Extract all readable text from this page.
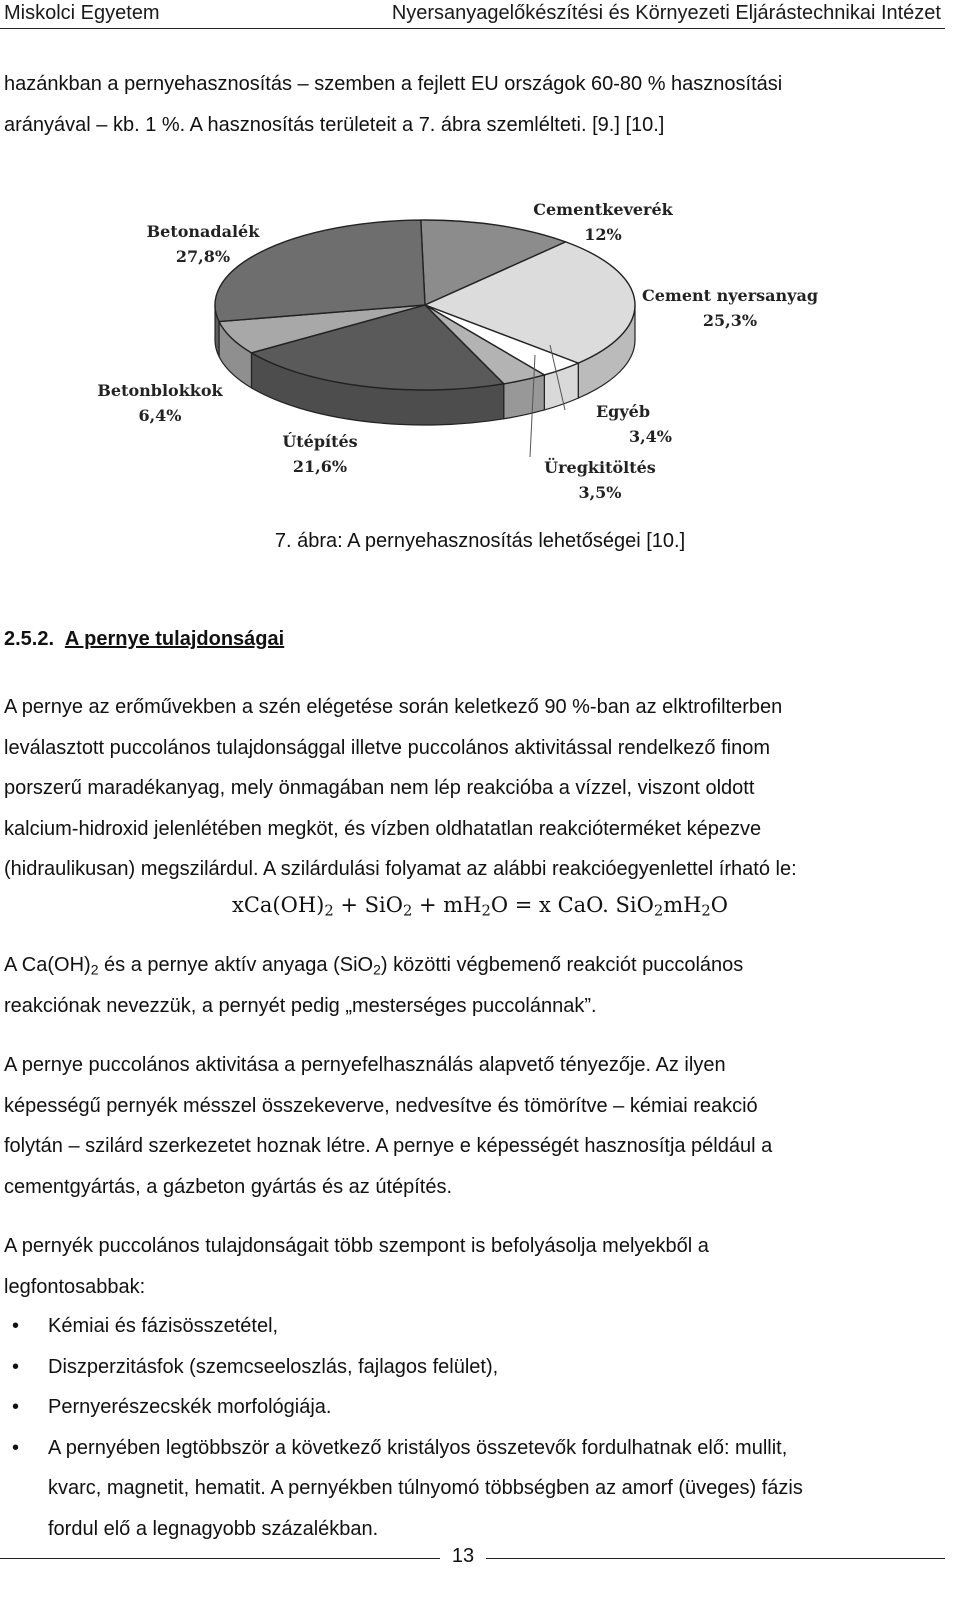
Miskolci Egyetem	Nyersanyagelőkészítési és Környezeti Eljárástechnikai Intézet

hazánkban a pernyehasznosítás – szemben a fejlett EU országok 60-80 % hasznosítási

arányával – kb. 1 %. A hasznosítás területeit a 7. ábra szemlélteti. [9.] [10.]

Cementkeverék
12%
Cement nyersanyag
25,3%
Egyéb
3,4%
Üregkitöltés
3,5%
Útépítés
21,6%
Betonblokkok
6,4%
Betonadalék
27,8%
7. ábra: A pernyehasznosítás lehetőségei [10.]
2.5.2. A pernye tulajdonságai

A pernye az erőművekben a szén elégetése során keletkező 90 %-ban az elktrofilterben

leválasztott puccolános tulajdonsággal illetve puccolános aktivitással rendelkező finom

porszerű maradékanyag, mely önmagában nem lép reakcióba a vízzel, viszont oldott

kalcium-hidroxid jelenlétében megköt, és vízben oldhatatlan reakcióterméket képezve

(hidraulikusan) megszilárdul. A szilárdulási folyamat az alábbi reakcióegyenlettel írható le:

$xCa(OH)_2 + SiO_2 + mH_2O = x$ CaO. $SiO_2mH_2O$

A $Ca(OH)_2$ és a pernye aktív anyaga (SiO$_2$) közötti végbemenő reakciót puccolános

reakciónak nevezzük, a pernyét pedig „mesterséges puccolánnak”.

A pernye puccolános aktivitása a pernyefelhasználás alapvető tényezője. Az ilyen

képességű pernyék mésszel összekeverve, nedvesítve és tömörítve – kémiai reakció

folytán – szilárd szerkezetet hoznak létre. A pernye e képességét hasznosítja például a

cementgyártás, a gázbeton gyártás és az útépítés.

A pernyék puccolános tulajdonságait több szempont is befolyásolja melyekből a

legfontosabbak:

• Kémiai és fázisösszetétel,
• Diszperzitásfok (szemcseeloszlás, fajlagos felület),
• Pernyerészecskék morfológiája.
• A pernyében legtöbbször a következő kristályos összetevők fordulhatnak elő: mullit,
kvarc, magnetit, hematit. A pernyékben túlnyomó többségben az amorf (üveges) fázis
fordul elő a legnagyobb százalékban.
13
